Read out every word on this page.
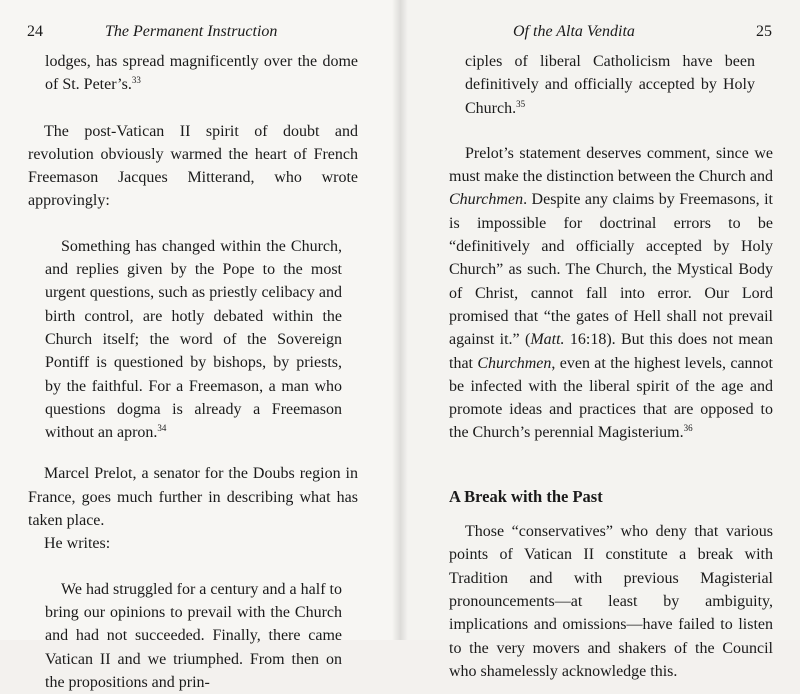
24	The Permanent Instruction

lodges, has spread magnificently over the dome of St. Peter’s.$^{33}$

The post-Vatican II spirit of doubt and revolution obviously warmed the heart of French Freemason Jacques Mitterand, who wrote approvingly:

Something has changed within the Church, and replies given by the Pope to the most urgent questions, such as priestly celibacy and birth control, are hotly debated within the Church itself; the word of the Sovereign Pontiff is questioned by bishops, by priests, by the faithful. For a Freemason, a man who questions dogma is already a Freemason without an apron.$^{34}$

Marcel Prelot, a senator for the Doubs region in France, goes much further in describing what has taken place.

He writes:

We had struggled for a century and a half to bring our opinions to prevail with the Church and had not succeeded. Finally, there came Vatican II and we triumphed. From then on the propositions and prin-

Of the Alta Vendita	25

ciples of liberal Catholicism have been definitively and officially accepted by Holy Church.$^{35}$

Prelot’s statement deserves comment, since we must make the distinction between the Church and Churchmen. Despite any claims by Freemasons, it is impossible for doctrinal errors to be “definitively and officially accepted by Holy Church” as such. The Church, the Mystical Body of Christ, cannot fall into error. Our Lord promised that “the gates of Hell shall not prevail against it.” (Matt. 16:18). But this does not mean that Churchmen, even at the highest levels, cannot be infected with the liberal spirit of the age and promote ideas and practices that are opposed to the Church’s perennial Magisterium.$^{36}$

A Break with the Past

Those “conservatives” who deny that various points of Vatican II constitute a break with Tradition and with previous Magisterial pronouncements—at least by ambiguity, implications and omissions—have failed to listen to the very movers and shakers of the Council who shamelessly acknowledge this.
